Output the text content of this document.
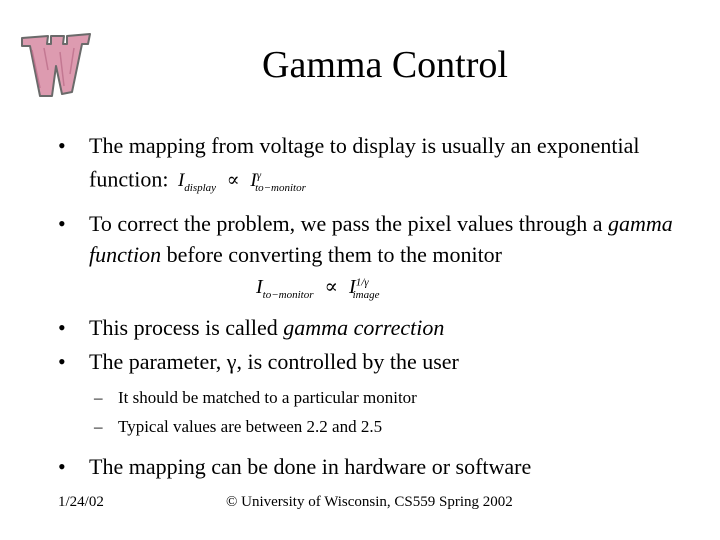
Gamma Control
• The mapping from voltage to display is usually an exponential function: $I_{display} \propto I^\gamma_{to-monitor}$
• To correct the problem, we pass the pixel values through a gamma function before converting them to the monitor
$I_{to-monitor} \propto I^{1/\gamma}_{image}$
• This process is called gamma correction
• The parameter, γ, is controlled by the user
– It should be matched to a particular monitor
– Typical values are between 2.2 and 2.5
• The mapping can be done in hardware or software
1/24/02	© University of Wisconsin, CS559 Spring 2002
